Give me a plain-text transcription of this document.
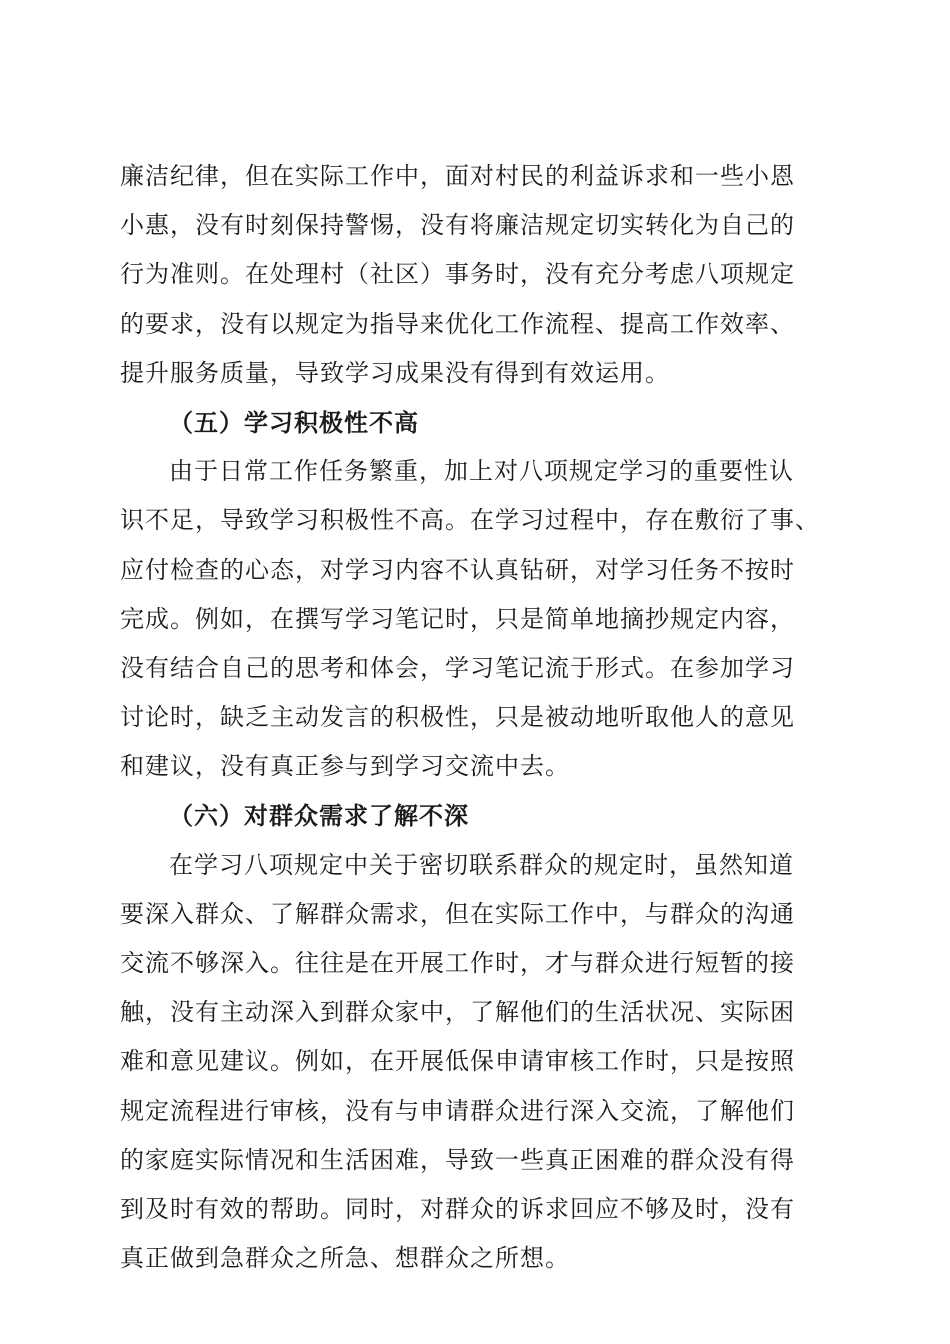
廉洁纪律，但在实际工作中，面对村民的利益诉求和一些小恩
小惠，没有时刻保持警惕，没有将廉洁规定切实转化为自己的
行为准则。在处理村（社区）事务时，没有充分考虑八项规定
的要求，没有以规定为指导来优化工作流程、提高工作效率、
提升服务质量，导致学习成果没有得到有效运用。
（五）学习积极性不高
由于日常工作任务繁重，加上对八项规定学习的重要性认
识不足，导致学习积极性不高。在学习过程中，存在敷衍了事、
应付检查的心态，对学习内容不认真钻研，对学习任务不按时
完成。例如，在撰写学习笔记时，只是简单地摘抄规定内容，
没有结合自己的思考和体会，学习笔记流于形式。在参加学习
讨论时，缺乏主动发言的积极性，只是被动地听取他人的意见
和建议，没有真正参与到学习交流中去。
（六）对群众需求了解不深
在学习八项规定中关于密切联系群众的规定时，虽然知道
要深入群众、了解群众需求，但在实际工作中，与群众的沟通
交流不够深入。往往是在开展工作时，才与群众进行短暂的接
触，没有主动深入到群众家中，了解他们的生活状况、实际困
难和意见建议。例如，在开展低保申请审核工作时，只是按照
规定流程进行审核，没有与申请群众进行深入交流，了解他们
的家庭实际情况和生活困难，导致一些真正困难的群众没有得
到及时有效的帮助。同时，对群众的诉求回应不够及时，没有
真正做到急群众之所急、想群众之所想。
